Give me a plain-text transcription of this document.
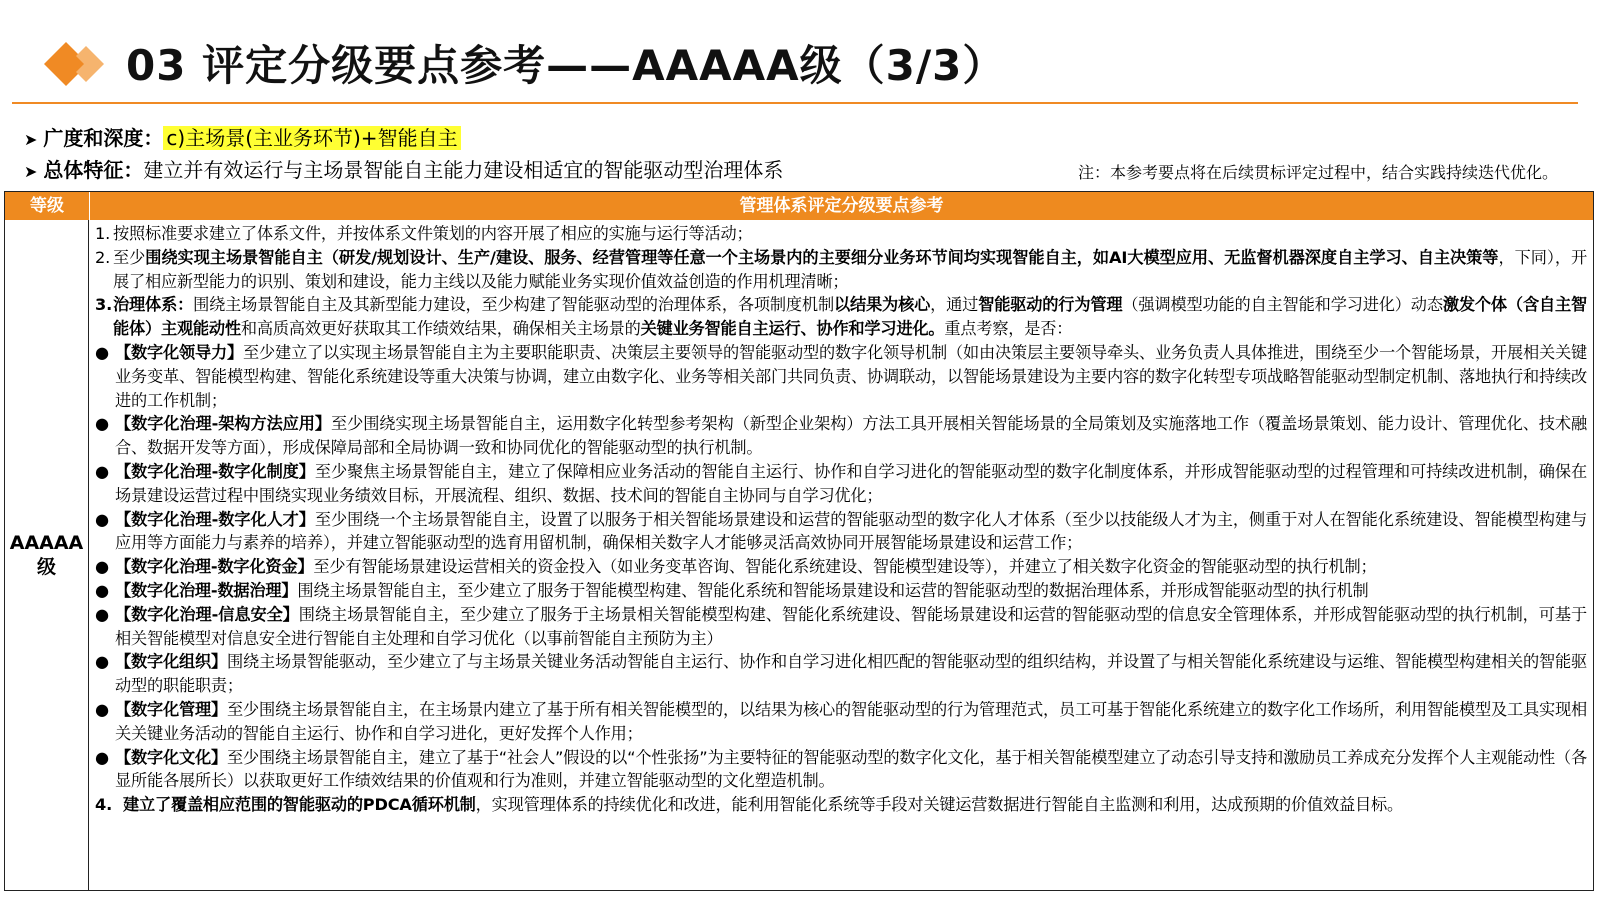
03 评定分级要点参考——AAAAA级（3/3）
➤ 广度和深度： c)主场景(主业务环节)+智能自主
➤ 总体特征：建立并有效运行与主场景智能自主能力建设相适宜的智能驱动型治理体系	注：本参考要点将在后续贯标评定过程中，结合实践持续迭代优化。
等级	管理体系评定分级要点参考
AAAAA级
1. 按照标准要求建立了体系文件，并按体系文件策划的内容开展了相应的实施与运行等活动；
2. 至少围绕实现主场景智能自主（研发/规划设计、生产/建设、服务、经营管理等任意一个主场景内的主要细分业务环节间均实现智能自主，如AI大模型应用、无监督机器深度自主学习、自主决策等，下同），开展了相应新型能力的识别、策划和建设，能力主线以及能力赋能业务实现价值效益创造的作用机理清晰；
3. 治理体系：围绕主场景智能自主及其新型能力建设，至少构建了智能驱动型的治理体系，各项制度机制以结果为核心，通过智能驱动的行为管理（强调模型功能的自主智能和学习进化）动态激发个体（含自主智能体）主观能动性和高质高效更好获取其工作绩效结果，确保相关主场景的关键业务智能自主运行、协作和学习进化。重点考察，是否：
● 【数字化领导力】至少建立了以实现主场景智能自主为主要职能职责、决策层主要领导的智能驱动型的数字化领导机制（如由决策层主要领导牵头、业务负责人具体推进，围绕至少一个智能场景，开展相关关键业务变革、智能模型构建、智能化系统建设等重大决策与协调，建立由数字化、业务等相关部门共同负责、协调联动，以智能场景建设为主要内容的数字化转型专项战略智能驱动型制定机制、落地执行和持续改进的工作机制；
● 【数字化治理-架构方法应用】至少围绕实现主场景智能自主，运用数字化转型参考架构（新型企业架构）方法工具开展相关智能场景的全局策划及实施落地工作（覆盖场景策划、能力设计、管理优化、技术融合、数据开发等方面），形成保障局部和全局协调一致和协同优化的智能驱动型的执行机制。
● 【数字化治理-数字化制度】至少聚焦主场景智能自主，建立了保障相应业务活动的智能自主运行、协作和自学习进化的智能驱动型的数字化制度体系，并形成智能驱动型的过程管理和可持续改进机制，确保在场景建设运营过程中围绕实现业务绩效目标，开展流程、组织、数据、技术间的智能自主协同与自学习优化；
● 【数字化治理-数字化人才】至少围绕一个主场景智能自主，设置了以服务于相关智能场景建设和运营的智能驱动型的数字化人才体系（至少以技能级人才为主，侧重于对人在智能化系统建设、智能模型构建与应用等方面能力与素养的培养），并建立智能驱动型的选育用留机制，确保相关数字人才能够灵活高效协同开展智能场景建设和运营工作；
● 【数字化治理-数字化资金】至少有智能场景建设运营相关的资金投入（如业务变革咨询、智能化系统建设、智能模型建设等），并建立了相关数字化资金的智能驱动型的执行机制；
● 【数字化治理-数据治理】围绕主场景智能自主，至少建立了服务于智能模型构建、智能化系统和智能场景建设和运营的智能驱动型的数据治理体系，并形成智能驱动型的执行机制
● 【数字化治理-信息安全】围绕主场景智能自主，至少建立了服务于主场景相关智能模型构建、智能化系统建设、智能场景建设和运营的智能驱动型的信息安全管理体系，并形成智能驱动型的执行机制，可基于相关智能模型对信息安全进行智能自主处理和自学习优化（以事前智能自主预防为主）
● 【数字化组织】围绕主场景智能驱动，至少建立了与主场景关键业务活动智能自主运行、协作和自学习进化相匹配的智能驱动型的组织结构，并设置了与相关智能化系统建设与运维、智能模型构建相关的智能驱动型的职能职责；
● 【数字化管理】至少围绕主场景智能自主，在主场景内建立了基于所有相关智能模型的，以结果为核心的智能驱动型的行为管理范式，员工可基于智能化系统建立的数字化工作场所，利用智能模型及工具实现相关关键业务活动的智能自主运行、协作和自学习进化，更好发挥个人作用；
● 【数字化文化】至少围绕主场景智能自主，建立了基于“社会人”假设的以“个性张扬”为主要特征的智能驱动型的数字化文化，基于相关智能模型建立了动态引导支持和激励员工养成充分发挥个人主观能动性（各显所能各展所长）以获取更好工作绩效结果的价值观和行为准则，并建立智能驱动型的文化塑造机制。
4. 建立了覆盖相应范围的智能驱动的PDCA循环机制，实现管理体系的持续优化和改进，能利用智能化系统等手段对关键运营数据进行智能自主监测和利用，达成预期的价值效益目标。
